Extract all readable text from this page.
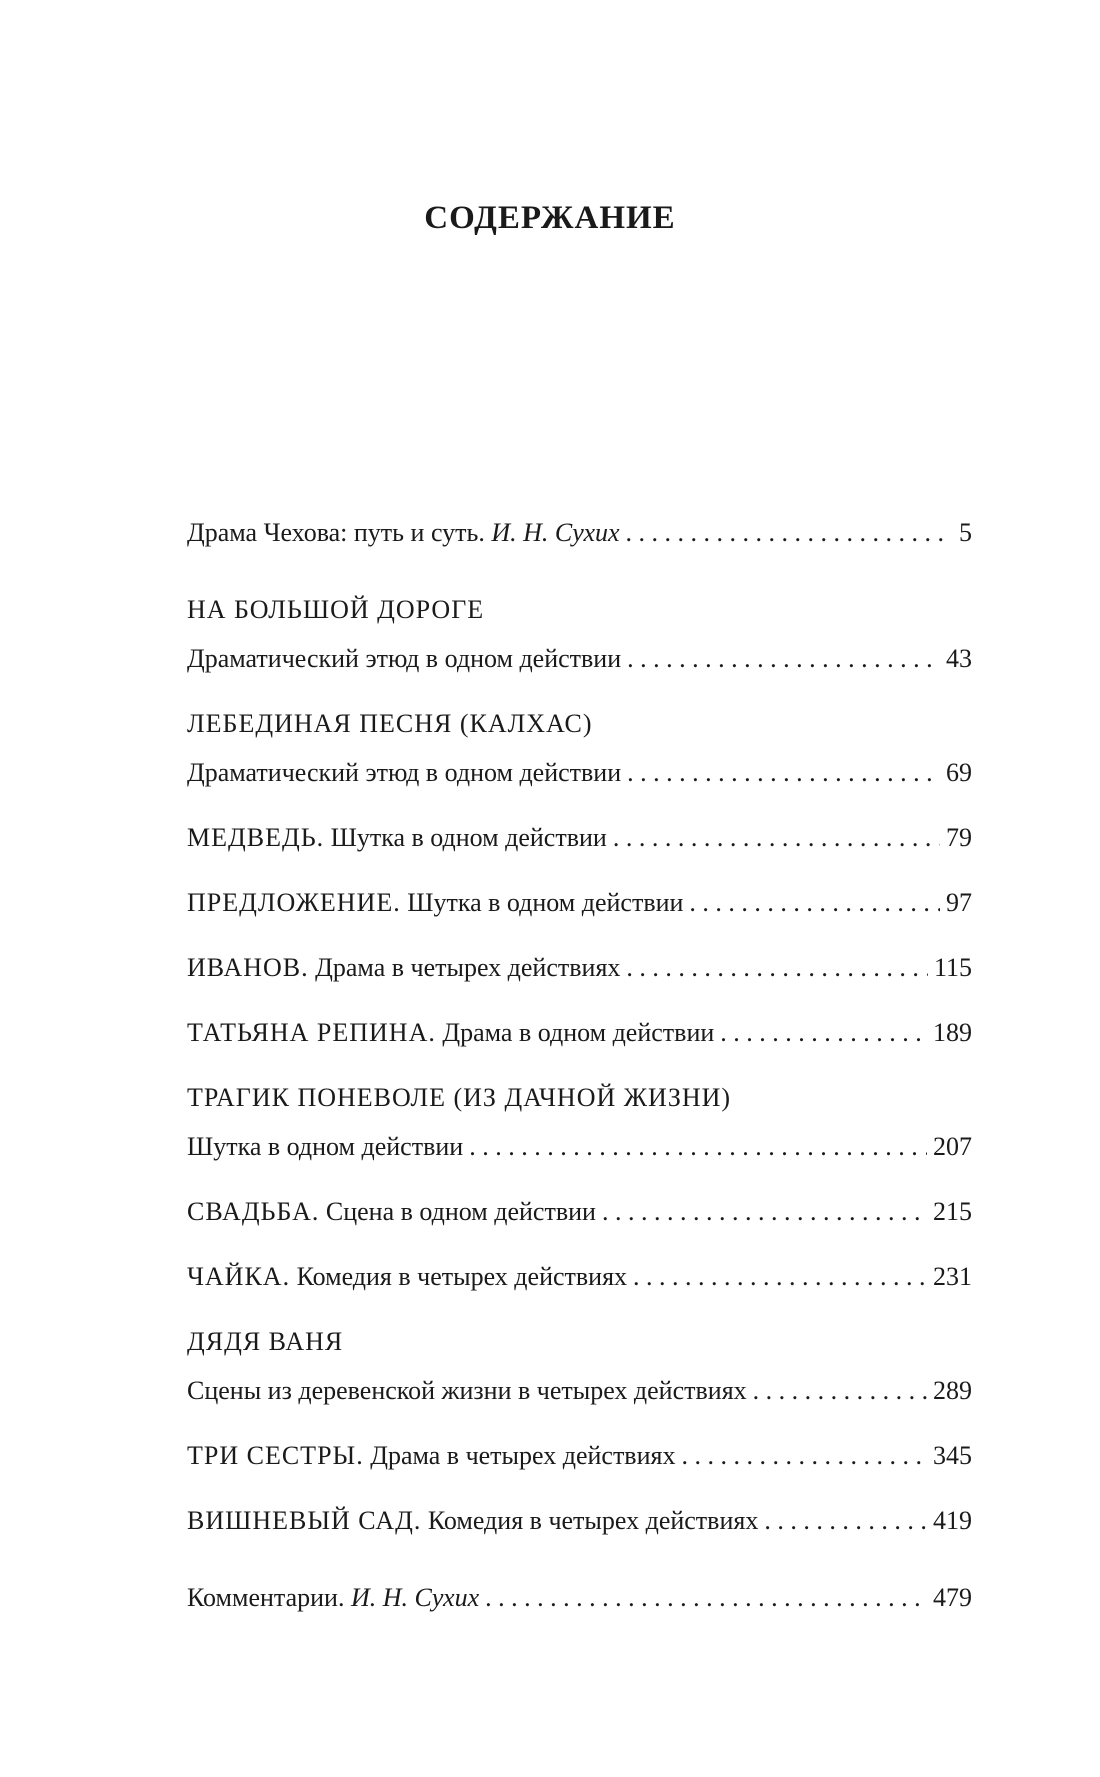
СОДЕРЖАНИЕ
Драма Чехова: путь и суть. И. Н. Сухих . . .	5
НА БОЛЬШОЙ ДОРОГЕ
Драматический этюд в одном действии . . .	43
ЛЕБЕДИНАЯ ПЕСНЯ (КАЛХАС)
Драматический этюд в одном действии . . .	69
МЕДВЕДЬ. Шутка в одном действии . . .	79
ПРЕДЛОЖЕНИЕ. Шутка в одном действии . . .	97
ИВАНОВ. Драма в четырех действиях . . .	115
ТАТЬЯНА РЕПИНА. Драма в одном действии . . .	189
ТРАГИК ПОНЕВОЛЕ (ИЗ ДАЧНОЙ ЖИЗНИ)
Шутка в одном действии . . .	207
СВАДЬБА. Сцена в одном действии . . .	215
ЧАЙКА. Комедия в четырех действиях . . .	231
ДЯДЯ ВАНЯ
Сцены из деревенской жизни в четырех действиях . . .	289
ТРИ СЕСТРЫ. Драма в четырех действиях . . .	345
ВИШНЕВЫЙ САД. Комедия в четырех действиях . . .	419
Комментарии. И. Н. Сухих . . .	479
